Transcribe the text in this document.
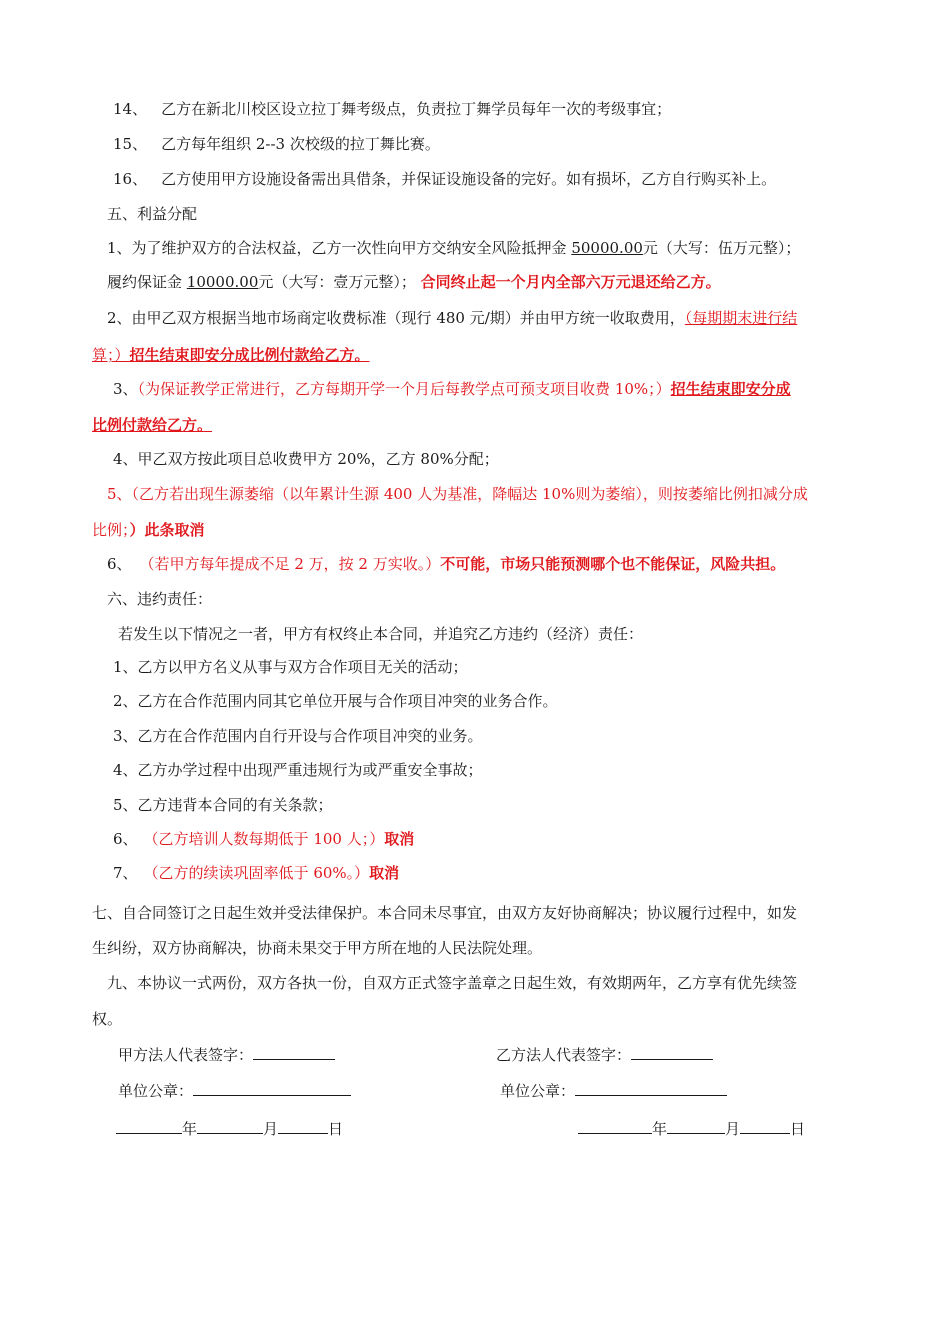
14、 乙方在新北川校区设立拉丁舞考级点，负责拉丁舞学员每年一次的考级事宜；
15、 乙方每年组织 2--3 次校级的拉丁舞比赛。
16、 乙方使用甲方设施设备需出具借条，并保证设施设备的完好。如有损坏，乙方自行购买补上。
五、利益分配
1、为了维护双方的合法权益，乙方一次性向甲方交纳安全风险抵押金 50000.00元（大写：伍万元整）；
履约保证金 10000.00元（大写：壹万元整）； 合同终止起一个月内全部六万元退还给乙方。
2、由甲乙双方根据当地市场商定收费标准（现行 480 元/期）并由甲方统一收取费用，（每期期末进行结
算；）招生结束即安分成比例付款给乙方。
3、（为保证教学正常进行，乙方每期开学一个月后每教学点可预支项目收费 10%；）招生结束即安分成
比例付款给乙方。
4、甲乙双方按此项目总收费甲方 20%，乙方 80%分配；
5、（乙方若出现生源萎缩（以年累计生源 400 人为基准，降幅达 10%则为萎缩），则按萎缩比例扣减分成
比例；）此条取消
6、 （若甲方每年提成不足 2 万，按 2 万实收。）不可能，市场只能预测哪个也不能保证，风险共担。
六、违约责任：
若发生以下情况之一者，甲方有权终止本合同，并追究乙方违约（经济）责任：
1、乙方以甲方名义从事与双方合作项目无关的活动；
2、乙方在合作范围内同其它单位开展与合作项目冲突的业务合作。
3、乙方在合作范围内自行开设与合作项目冲突的业务。
4、乙方办学过程中出现严重违规行为或严重安全事故；
5、乙方违背本合同的有关条款；
6、 （乙方培训人数每期低于 100 人；）取消
7、 （乙方的续读巩固率低于 60%。）取消
七、自合同签订之日起生效并受法律保护。本合同未尽事宜，由双方友好协商解决；协议履行过程中，如发
生纠纷，双方协商解决，协商未果交于甲方所在地的人民法院处理。
九、本协议一式两份，双方各执一份，自双方正式签字盖章之日起生效，有效期两年，乙方享有优先续签
权。
甲方法人代表签字：	乙方法人代表签字：
单位公章：	单位公章：
年	月	日	年	月	日
